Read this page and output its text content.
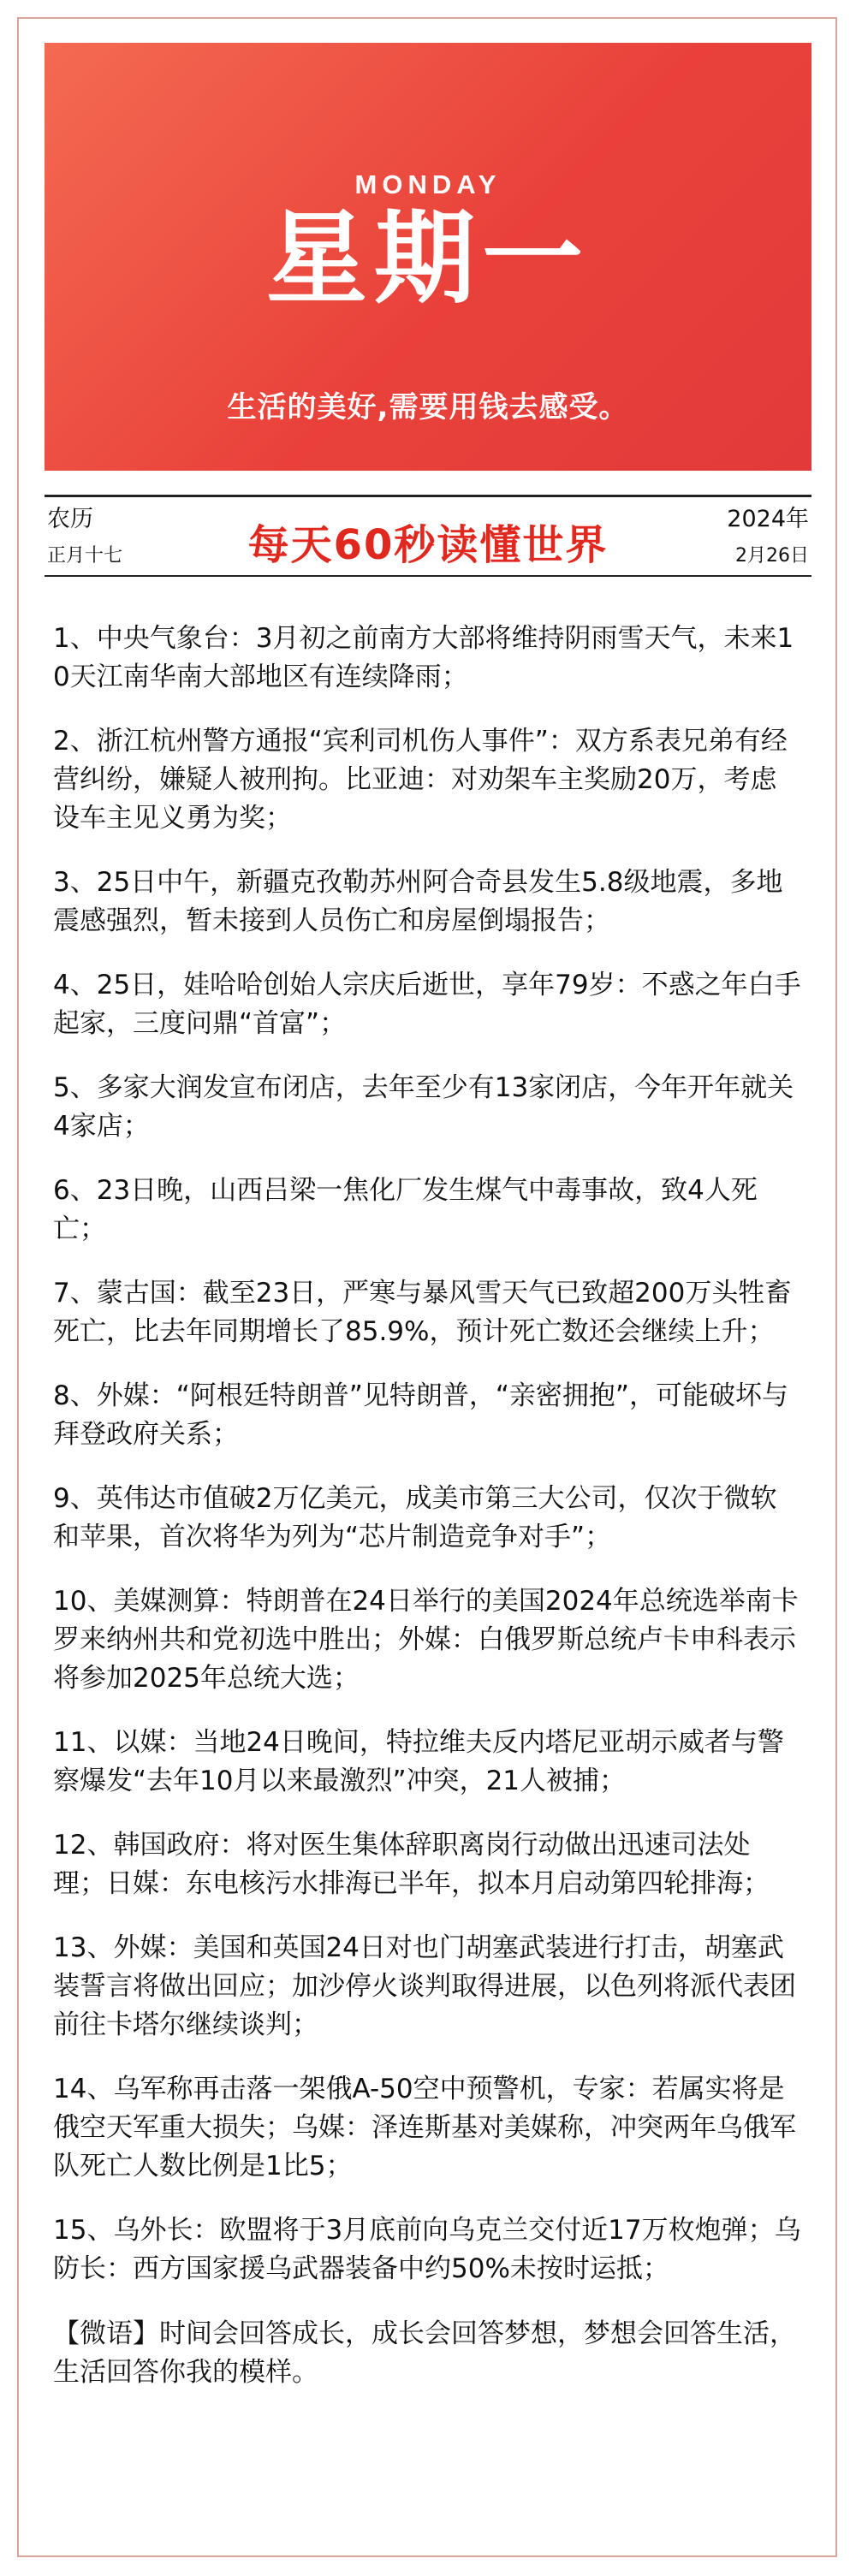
MONDAY
星期一
生活的美好,需要用钱去感受。
农历
正月十七	每天60秒读懂世界
2024年
2月26日

1、中央气象台：3月初之前南方大部将维持阴雨雪天气，未来10天江南华南大部地区有连续降雨；

2、浙江杭州警方通报“宾利司机伤人事件”：双方系表兄弟有经营纠纷，嫌疑人被刑拘。比亚迪：对劝架车主奖励20万，考虑设车主见义勇为奖；

3、25日中午，新疆克孜勒苏州阿合奇县发生5.8级地震，多地震感强烈，暂未接到人员伤亡和房屋倒塌报告；

4、25日，娃哈哈创始人宗庆后逝世，享年79岁：不惑之年白手起家，三度问鼎“首富”；

5、多家大润发宣布闭店，去年至少有13家闭店，今年开年就关4家店；

6、23日晚，山西吕梁一焦化厂发生煤气中毒事故，致4人死亡；

7、蒙古国：截至23日，严寒与暴风雪天气已致超200万头牲畜死亡，比去年同期增长了85.9%，预计死亡数还会继续上升；

8、外媒：“阿根廷特朗普”见特朗普，“亲密拥抱”，可能破坏与拜登政府关系；

9、英伟达市值破2万亿美元，成美市第三大公司，仅次于微软和苹果，首次将华为列为“芯片制造竞争对手”；

10、美媒测算：特朗普在24日举行的美国2024年总统选举南卡罗来纳州共和党初选中胜出；外媒：白俄罗斯总统卢卡申科表示将参加2025年总统大选；

11、以媒：当地24日晚间，特拉维夫反内塔尼亚胡示威者与警察爆发“去年10月以来最激烈”冲突，21人被捕；

12、韩国政府：将对医生集体辞职离岗行动做出迅速司法处理；日媒：东电核污水排海已半年，拟本月启动第四轮排海；

13、外媒：美国和英国24日对也门胡塞武装进行打击，胡塞武装誓言将做出回应；加沙停火谈判取得进展，以色列将派代表团前往卡塔尔继续谈判；

14、乌军称再击落一架俄A-50空中预警机，专家：若属实将是俄空天军重大损失；乌媒：泽连斯基对美媒称，冲突两年乌俄军队死亡人数比例是1比5；

15、乌外长：欧盟将于3月底前向乌克兰交付近17万枚炮弹；乌防长：西方国家援乌武器装备中约50%未按时运抵；

【微语】时间会回答成长，成长会回答梦想，梦想会回答生活，生活回答你我的模样。
